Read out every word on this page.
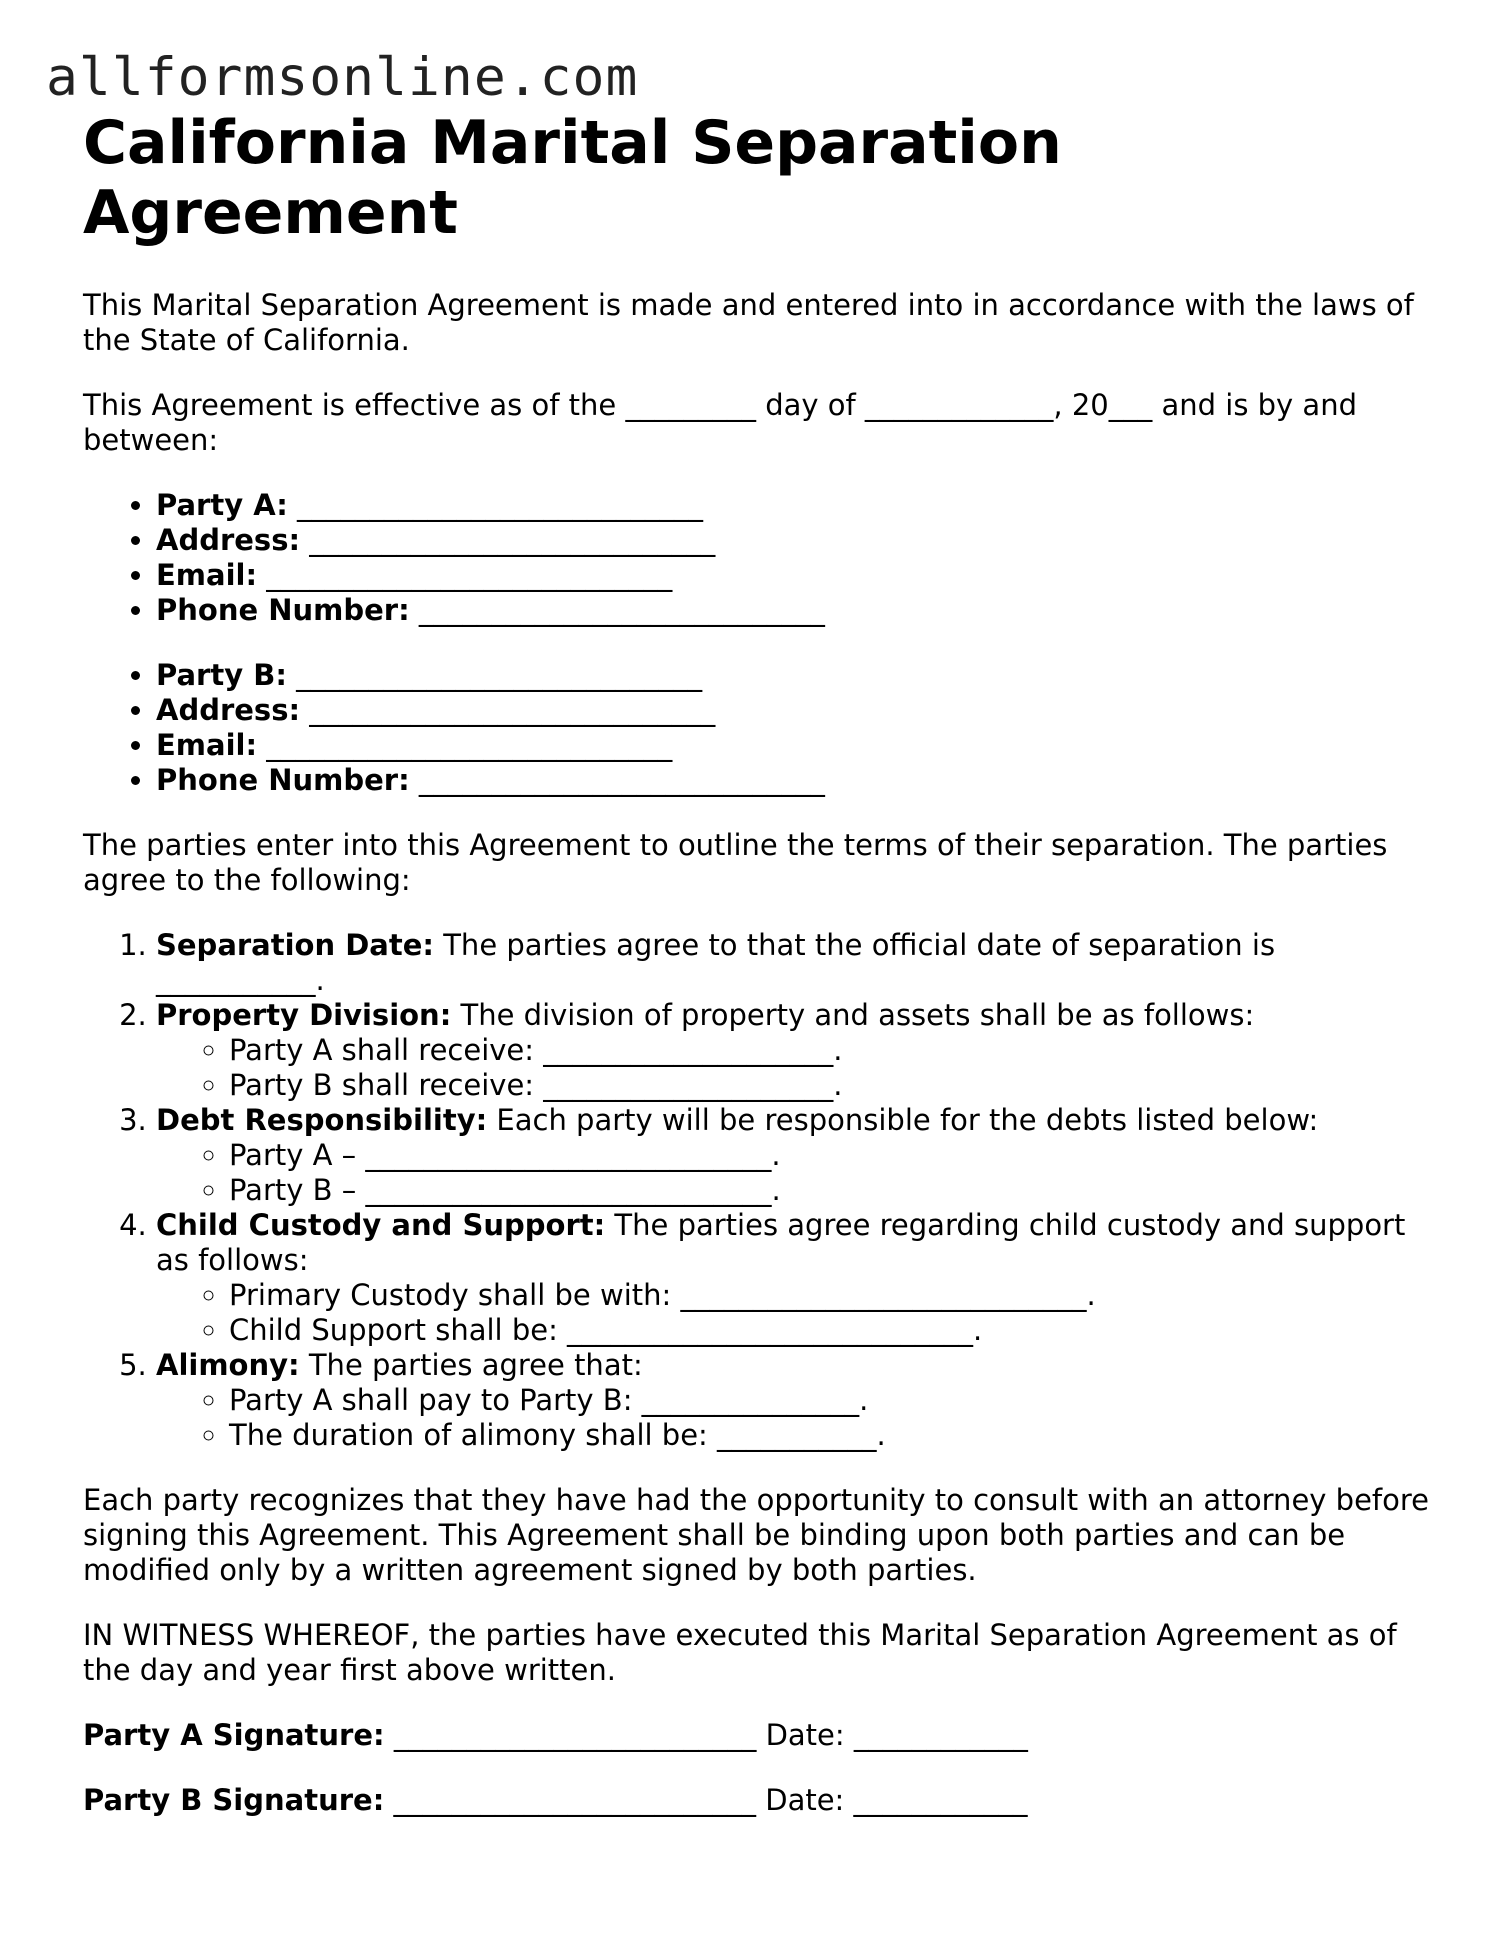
allformsonline.com
California Marital Separation Agreement

This Marital Separation Agreement is made and entered into in accordance with the laws of the State of California.

This Agreement is effective as of the _________ day of _____________, 20___ and is by and between:

• Party A: ____________________________
• Address: ____________________________
• Email: ____________________________
• Phone Number: ____________________________
• Party B: ____________________________
• Address: ____________________________
• Email: ____________________________
• Phone Number: ____________________________

The parties enter into this Agreement to outline the terms of their separation. The parties agree to the following:

1. Separation Date: The parties agree to that the official date of separation is ___________.
2. Property Division: The division of property and assets shall be as follows:
◦ Party A shall receive: ____________________.
◦ Party B shall receive: ____________________.
3. Debt Responsibility: Each party will be responsible for the debts listed below:
◦ Party A – ____________________________.
◦ Party B – ____________________________.
4. Child Custody and Support: The parties agree regarding child custody and support as follows:
◦ Primary Custody shall be with: ____________________________.
◦ Child Support shall be: ____________________________.
5. Alimony: The parties agree that:
◦ Party A shall pay to Party B: _______________.
◦ The duration of alimony shall be: ___________.

Each party recognizes that they have had the opportunity to consult with an attorney before signing this Agreement. This Agreement shall be binding upon both parties and can be modified only by a written agreement signed by both parties.

IN WITNESS WHEREOF, the parties have executed this Marital Separation Agreement as of the day and year first above written.

Party A Signature: _________________________ Date: ____________

Party B Signature: _________________________ Date: ____________
